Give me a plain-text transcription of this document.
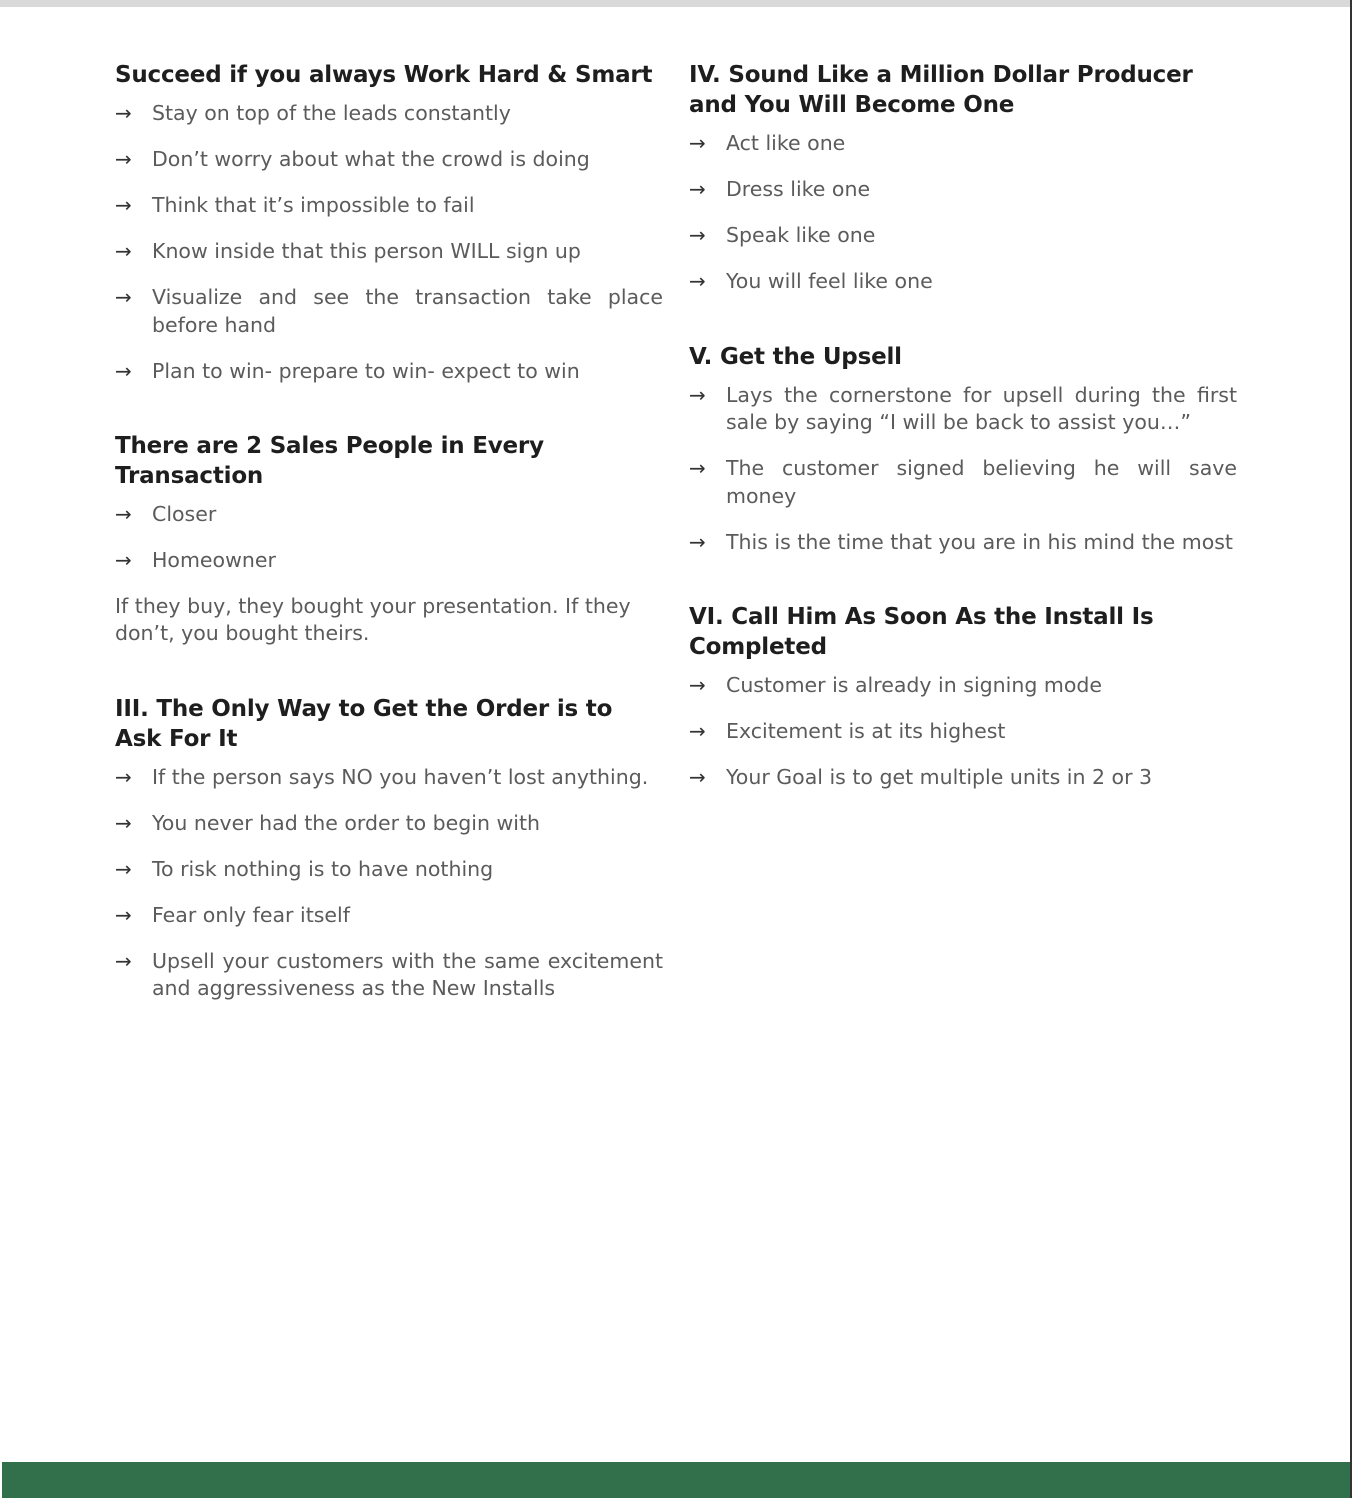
Succeed if you always Work Hard & Smart
→ Stay on top of the leads constantly
→ Don’t worry about what the crowd is doing
→ Think that it’s impossible to fail
→ Know inside that this person WILL sign up
→ Visualize and see the transaction take place before hand
→ Plan to win- prepare to win- expect to win
There are 2 Sales People in Every Transaction
→ Closer
→ Homeowner

If they buy, they bought your presentation. If they don’t, you bought theirs.

III. The Only Way to Get the Order is to Ask For It
→ If the person says NO you haven’t lost anything.
→ You never had the order to begin with
→ To risk nothing is to have nothing
→ Fear only fear itself
→ Upsell your customers with the same excitement and aggressiveness as the New Installs
IV. Sound Like a Million Dollar Producer and You Will Become One
→ Act like one
→ Dress like one
→ Speak like one
→ You will feel like one
V. Get the Upsell
→ Lays the cornerstone for upsell during the first sale by saying “I will be back to assist you…”
→ The customer signed believing he will save money
→ This is the time that you are in his mind the most
VI. Call Him As Soon As the Install Is Completed
→ Customer is already in signing mode
→ Excitement is at its highest
→ Your Goal is to get multiple units in 2 or 3
